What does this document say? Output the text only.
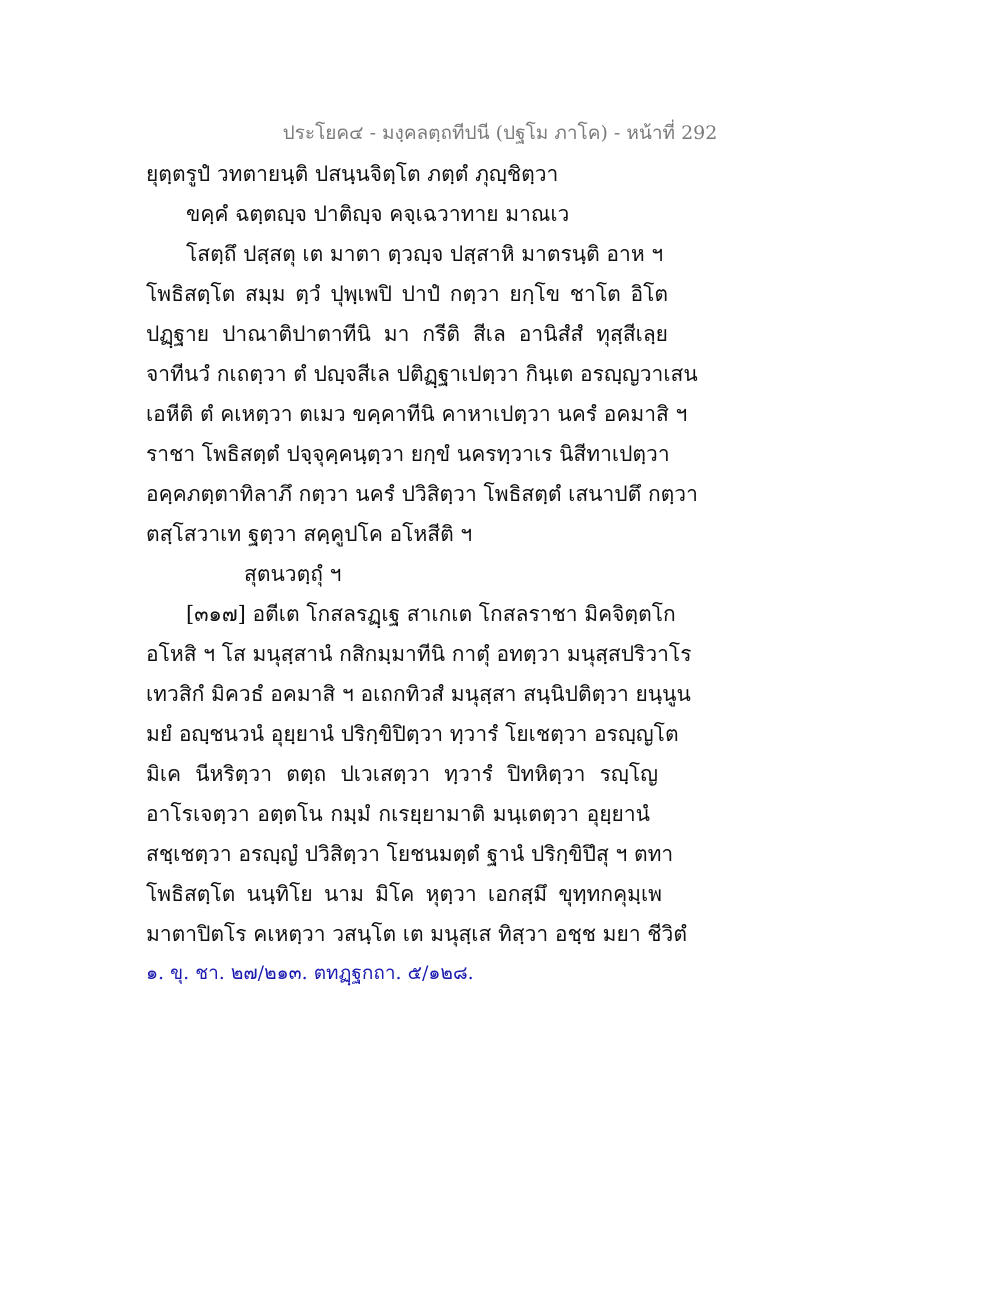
ประโยค๔ - มงฺคลตฺถทีปนี (ปฐโม ภาโค) - หน้าที่ 292
ยุตฺตรูปํ วทตายนฺติ ปสนฺนจิตฺโต ภตฺตํ ภุญฺชิตฺวา
ขคฺคํ ฉตฺตญฺจ ปาติญฺจ คจฺเฉวาทาย มาณเว
โสตฺถึ ปสฺสตุ เต มาตา ตฺวญฺจ ปสฺสาหิ มาตรนฺติ อาห ฯ
โพธิสตฺโต สมฺม ตฺวํ ปุพฺเพปิ ปาปํ กตฺวา ยกฺโข ชาโต อิโต
ปฏฺฐาย ปาณาติปาตาทีนิ มา กรีติ สีเล อานิสํสํ ทุสฺสีเลฺย
จาทีนวํ กเถตฺวา ตํ ปญฺจสีเล ปติฏฺฐาเปตฺวา กินฺเต อรญฺญวาเสน
เอหีติ ตํ คเหตฺวา ตเมว ขคฺคาทีนิ คาหาเปตฺวา นครํ อคมาสิ ฯ
ราชา โพธิสตฺตํ ปจฺจุคฺคนฺตฺวา ยกฺขํ นครทฺวาเร นิสีทาเปตฺวา
อคฺคภตฺตาทิลาภึ กตฺวา นครํ ปวิสิตฺวา โพธิสตฺตํ เสนาปตึ กตฺวา
ตสฺโสวาเท ฐตฺวา สคฺคูปโค อโหสีติ ฯ
สุตนวตฺถุํ ฯ
[๓๑๗] อตีเต โกสลรฏฺเฐ สาเกเต โกสลราชา มิคจิตฺตโก
อโหสิ ฯ โส มนุสฺสานํ กสิกมฺมาทีนิ กาตุํ อทตฺวา มนุสฺสปริวาโร
เทวสิกํ มิควธํ อคมาสิ ฯ อเถกทิวสํ มนุสฺสา สนฺนิปติตฺวา ยนฺนูน
มยํ อญฺชนวนํ อุยฺยานํ ปริกฺขิปิตฺวา ทฺวารํ โยเชตฺวา อรญฺญโต
มิเค นีหริตฺวา ตตฺถ ปเวเสตฺวา ทฺวารํ ปิทหิตฺวา รญฺโญ
อาโรเจตฺวา อตฺตโน กมฺมํ กเรยฺยามาติ มนฺเตตฺวา อุยฺยานํ
สชฺเชตฺวา อรญฺญํ ปวิสิตฺวา โยชนมตฺตํ ฐานํ ปริกฺขิปึสุ ฯ ตทา
โพธิสตฺโต นนฺทิโย นาม มิโค หุตฺวา เอกสฺมึ ขุทฺทกคุมฺเพ
มาตาปิตโร คเหตฺวา วสนฺโต เต มนุสฺเส ทิสฺวา อชฺช มยา ชีวิตํ
๑. ขุ. ชา. ๒๗/๒๑๓. ตทฏฺฐกถา. ๕/๑๒๘.
